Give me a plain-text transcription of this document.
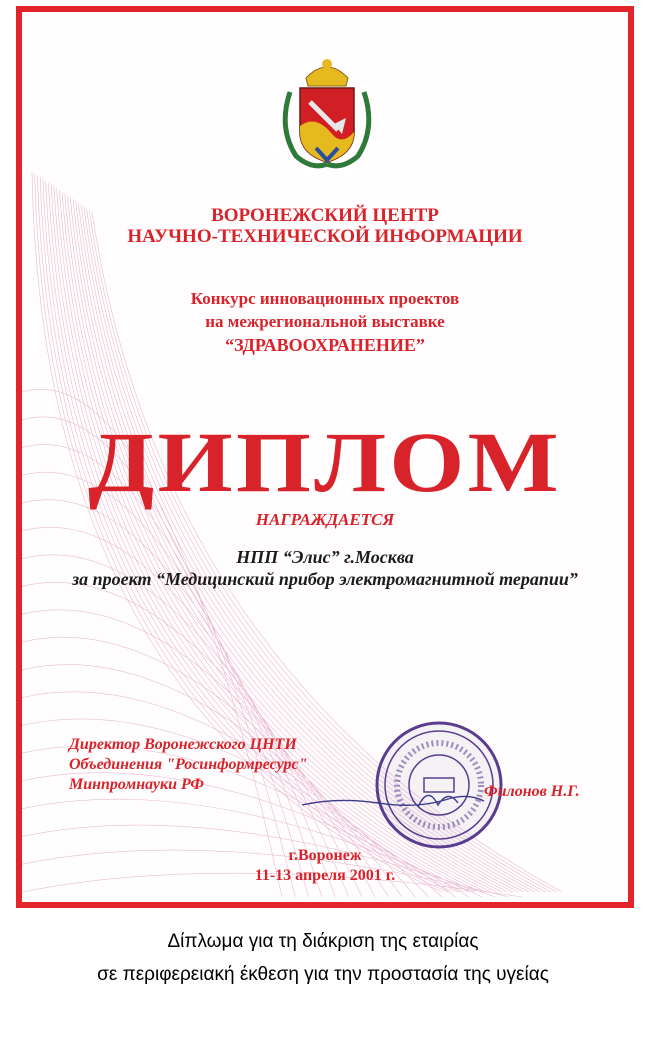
ВОРОНЕЖСКИЙ ЦЕНТР

НАУЧНО-ТЕХНИЧЕСКОЙ ИНФОРМАЦИИ

Конкурс инновационных проектов

на межрегиональной выставке

“ЗДРАВООХРАНЕНИЕ”

ДИПЛОМ

НАГРАЖДАЕТСЯ

НПП “Элис” г.Москва

за проект “Медицинский прибор электромагнитной терапии”

Директор Воронежского ЦНТИ

Объединения "Росинформресурс"

Минпромнауки РФ	Филонов Н.Г.

г.Воронеж

11-13 апреля 2001 г.

Δίπλωμα για τη διάκριση της εταιρίας

σε περιφερειακή έκθεση για την προστασία της υγείας
